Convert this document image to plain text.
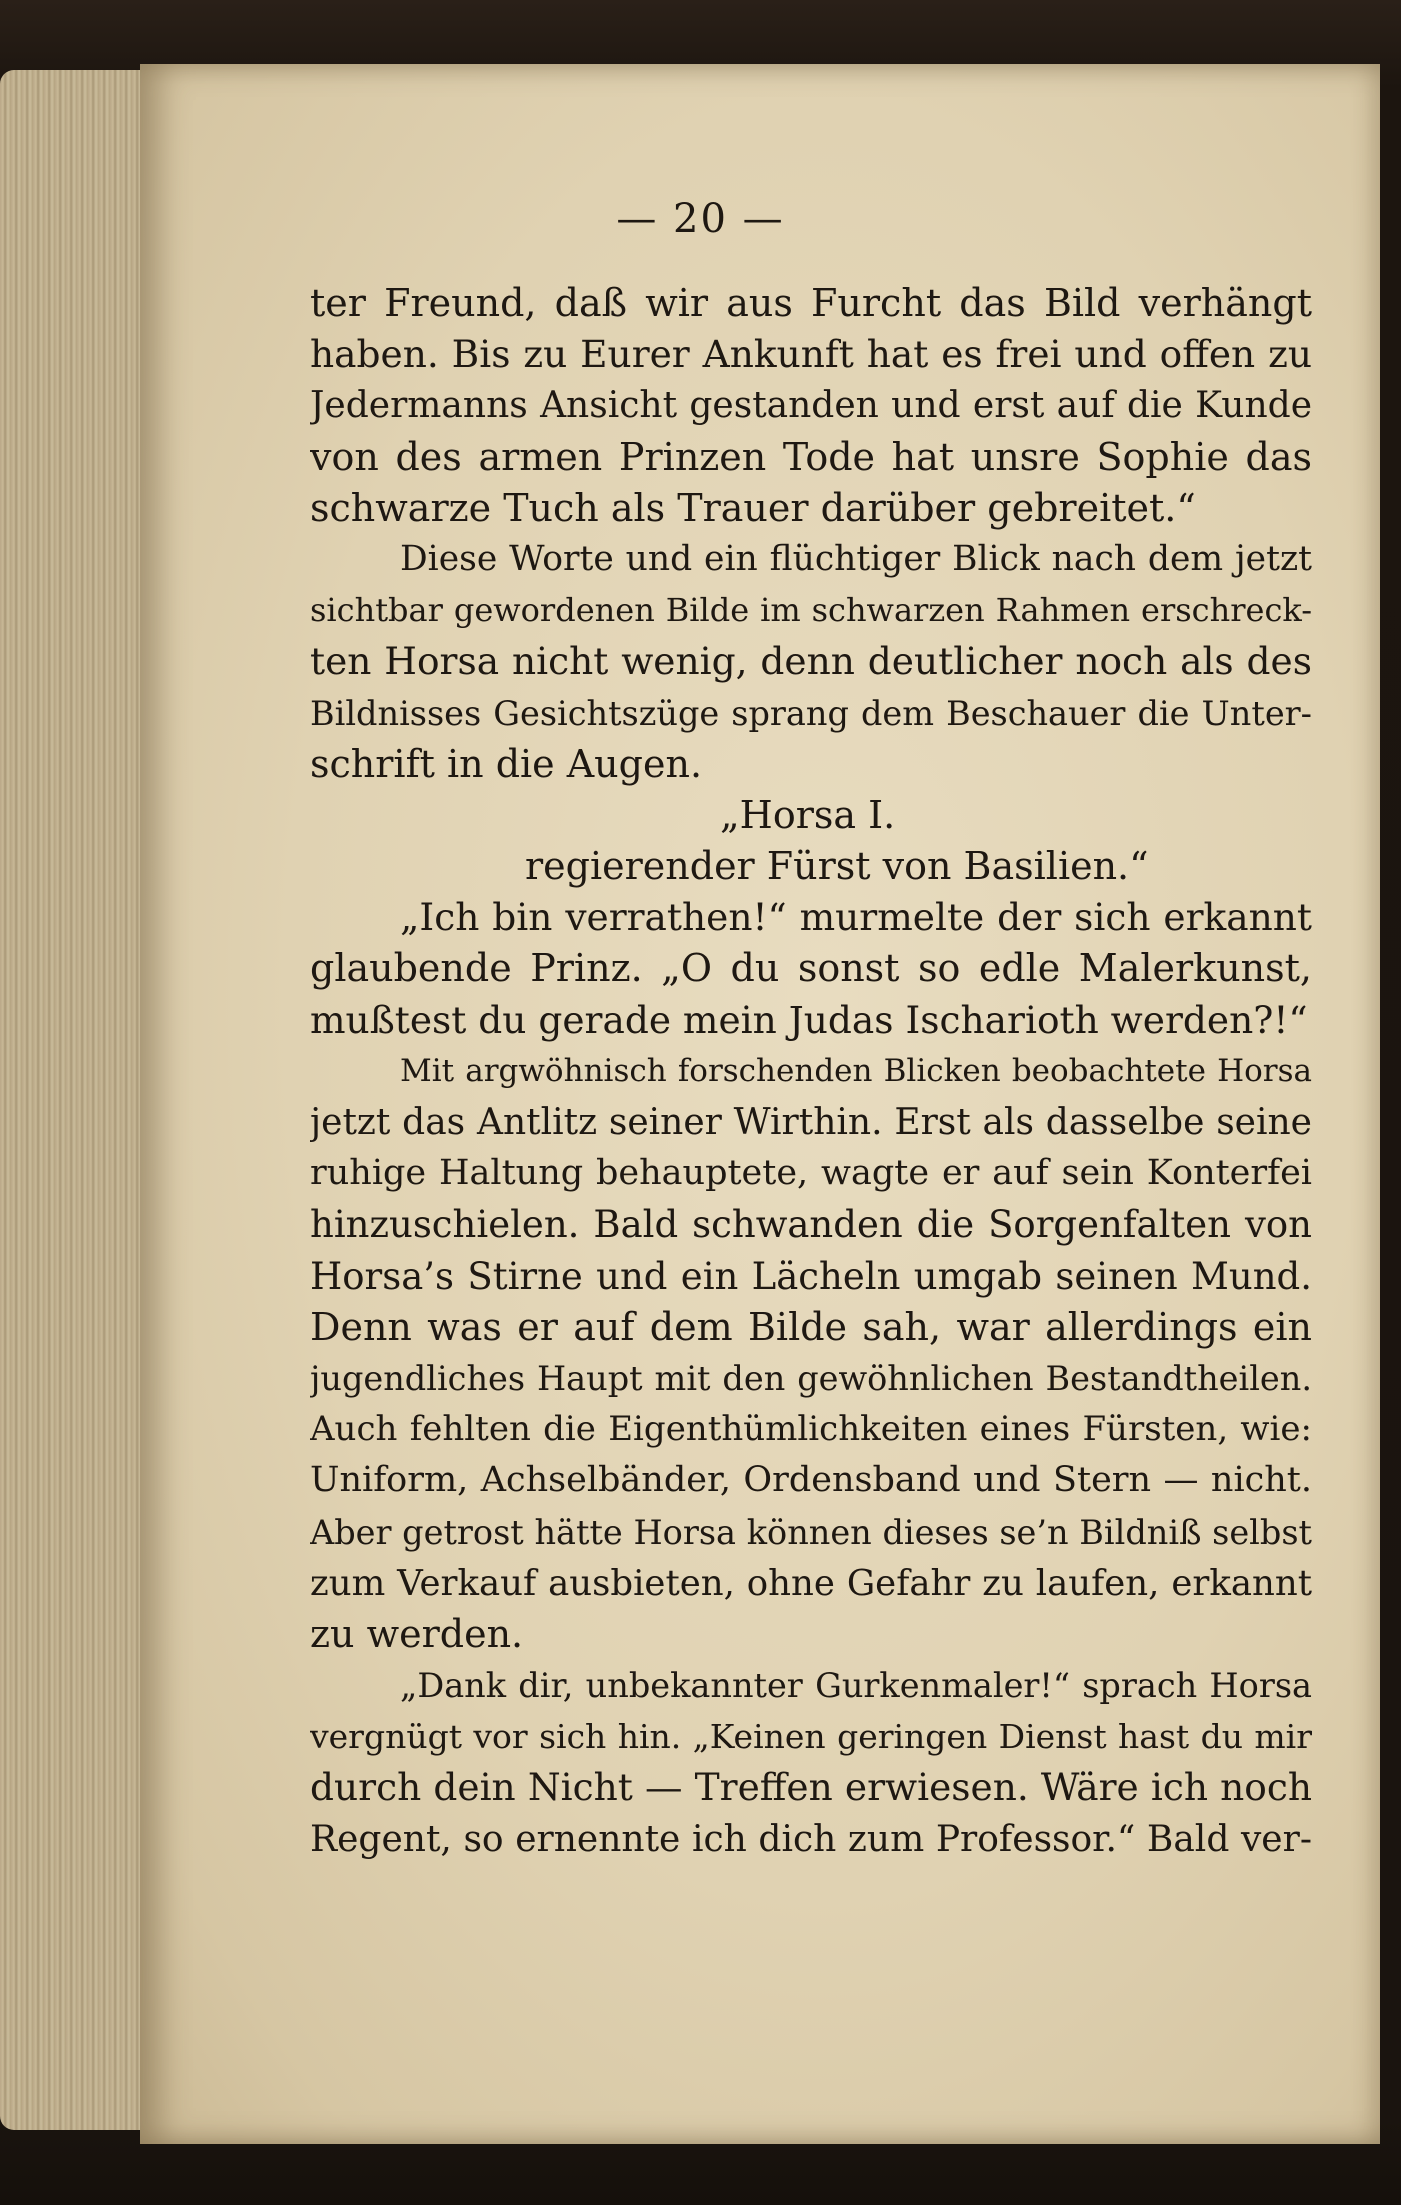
— 20 —
ter Freund, daß wir aus Furcht das Bild verhängt
haben. Bis zu Eurer Ankunft hat es frei und offen zu
Jedermanns Ansicht gestanden und erst auf die Kunde
von des armen Prinzen Tode hat unsre Sophie das
schwarze Tuch als Trauer darüber gebreitet.“
Diese Worte und ein flüchtiger Blick nach dem jetzt
sichtbar gewordenen Bilde im schwarzen Rahmen erschreck-
ten Horsa nicht wenig, denn deutlicher noch als des
Bildnisses Gesichtszüge sprang dem Beschauer die Unter-
schrift in die Augen.
„Horsa I.
regierender Fürst von Basilien.“
„Ich bin verrathen!“ murmelte der sich erkannt
glaubende Prinz. „O du sonst so edle Malerkunst,
mußtest du gerade mein Judas Ischarioth werden?!“
Mit argwöhnisch forschenden Blicken beobachtete Horsa
jetzt das Antlitz seiner Wirthin. Erst als dasselbe seine
ruhige Haltung behauptete, wagte er auf sein Konterfei
hinzuschielen. Bald schwanden die Sorgenfalten von
Horsa’s Stirne und ein Lächeln umgab seinen Mund.
Denn was er auf dem Bilde sah, war allerdings ein
jugendliches Haupt mit den gewöhnlichen Bestandtheilen.
Auch fehlten die Eigenthümlichkeiten eines Fürsten, wie:
Uniform, Achselbänder, Ordensband und Stern — nicht.
Aber getrost hätte Horsa können dieses se’n Bildniß selbst
zum Verkauf ausbieten, ohne Gefahr zu laufen, erkannt
zu werden.
„Dank dir, unbekannter Gurkenmaler!“ sprach Horsa
vergnügt vor sich hin. „Keinen geringen Dienst hast du mir
durch dein Nicht — Treffen erwiesen. Wäre ich noch
Regent, so ernennte ich dich zum Professor.“ Bald ver-
